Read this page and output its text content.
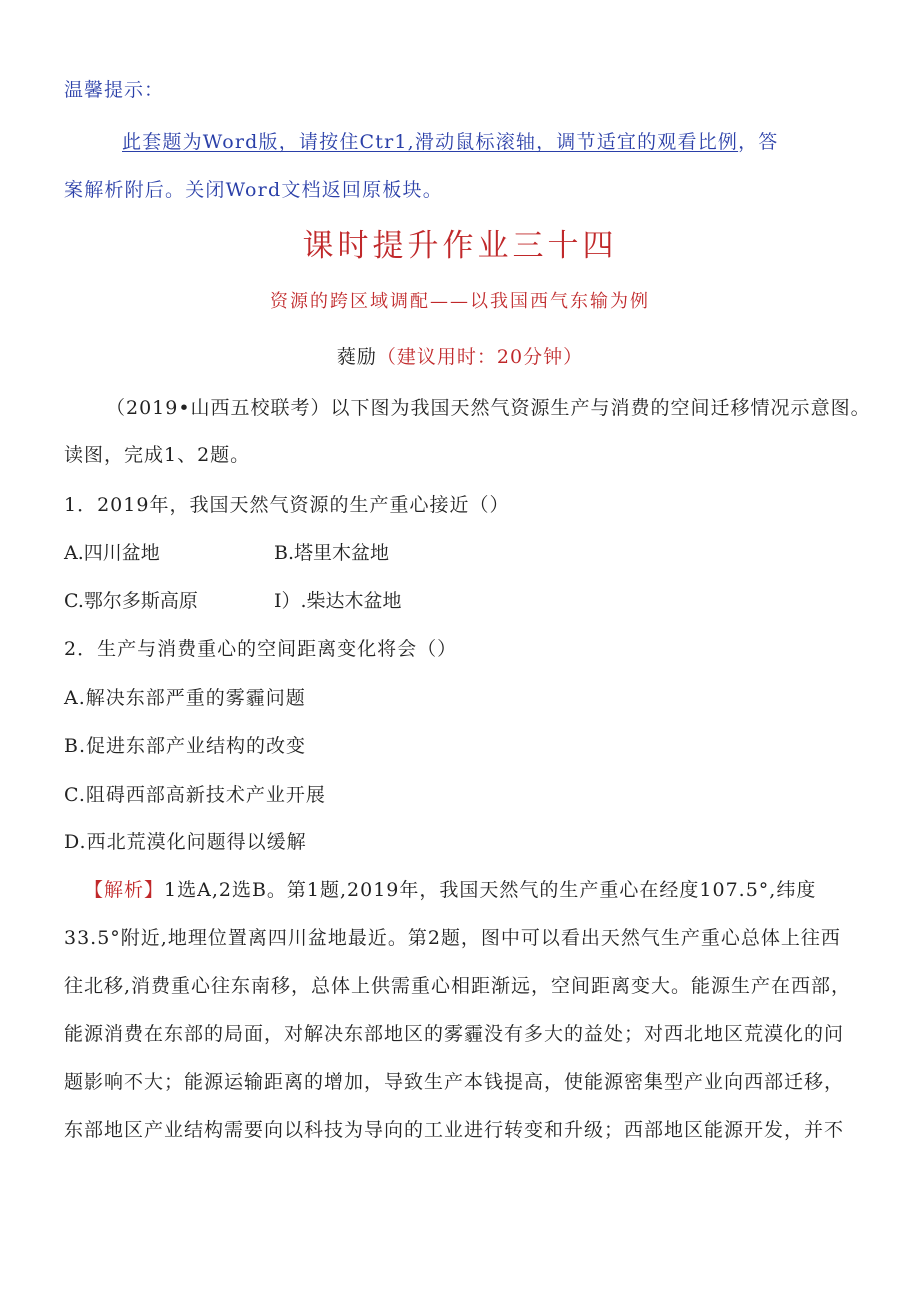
温馨提示：
此套题为Word版，请按住Ctr1,滑动鼠标滚轴，调节适宜的观看比例，答
案解析附后。关闭Word文档返回原板块。
课时提升作业三十四
资源的跨区域调配——以我国西气东输为例
蕤励（建议用时：20分钟）
（2019•山西五校联考）以下图为我国天然气资源生产与消费的空间迁移情况示意图。
读图，完成1、2题。
1．2019年，我国天然气资源的生产重心接近（）
A.四川盆地	B.塔里木盆地
C.鄂尔多斯高原	I）.柴达木盆地
2．生产与消费重心的空间距离变化将会（）
A.解决东部严重的雾霾问题
B.促进东部产业结构的改变
C.阻碍西部高新技术产业开展
D.西北荒漠化问题得以缓解
【解析】1选A,2选B。第1题,2019年，我国天然气的生产重心在经度107.5°,纬度
33.5°附近,地理位置离四川盆地最近。第2题，图中可以看出天然气生产重心总体上往西
往北移,消费重心往东南移，总体上供需重心相距渐远，空间距离变大。能源生产在西部，
能源消费在东部的局面，对解决东部地区的雾霾没有多大的益处；对西北地区荒漠化的问
题影响不大；能源运输距离的增加，导致生产本钱提高，使能源密集型产业向西部迁移，
东部地区产业结构需要向以科技为导向的工业进行转变和升级；西部地区能源开发，并不
